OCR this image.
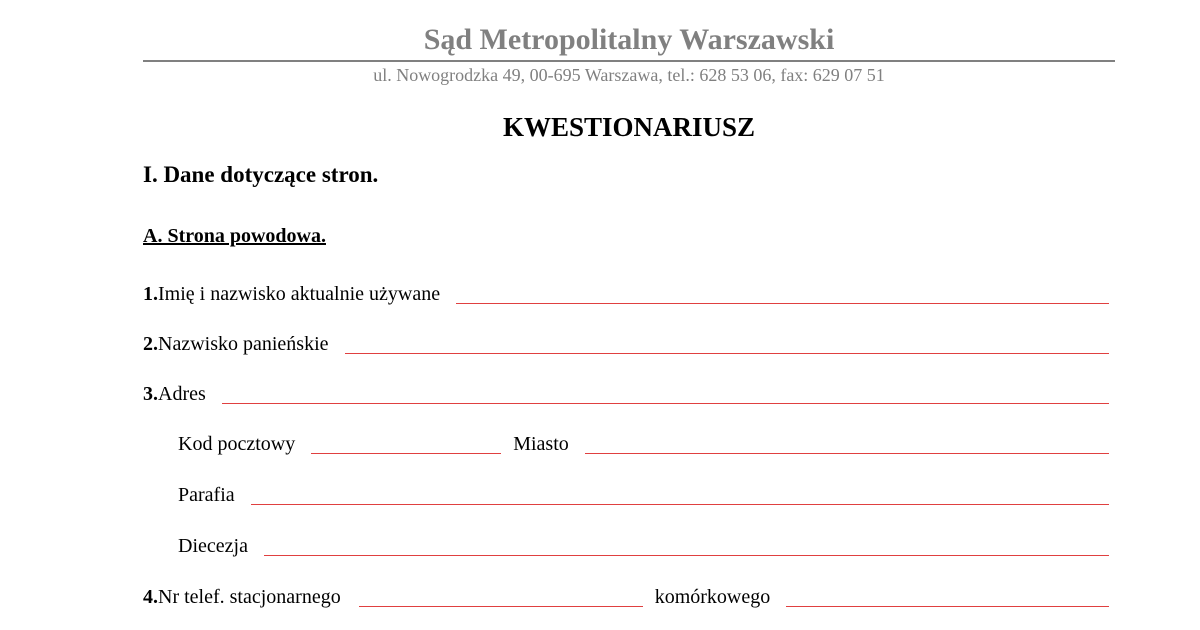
Sąd Metropolitalny Warszawski
ul. Nowogrodzka 49, 00-695 Warszawa, tel.: 628 53 06, fax: 629 07 51
KWESTIONARIUSZ
I. Dane dotyczące stron.
A. Strona powodowa.
1. Imię i nazwisko aktualnie używane
2. Nazwisko panieńskie
3. Adres
Kod pocztowy	Miasto
Parafia
Diecezja
4. Nr telef. stacjonarnego	komórkowego
